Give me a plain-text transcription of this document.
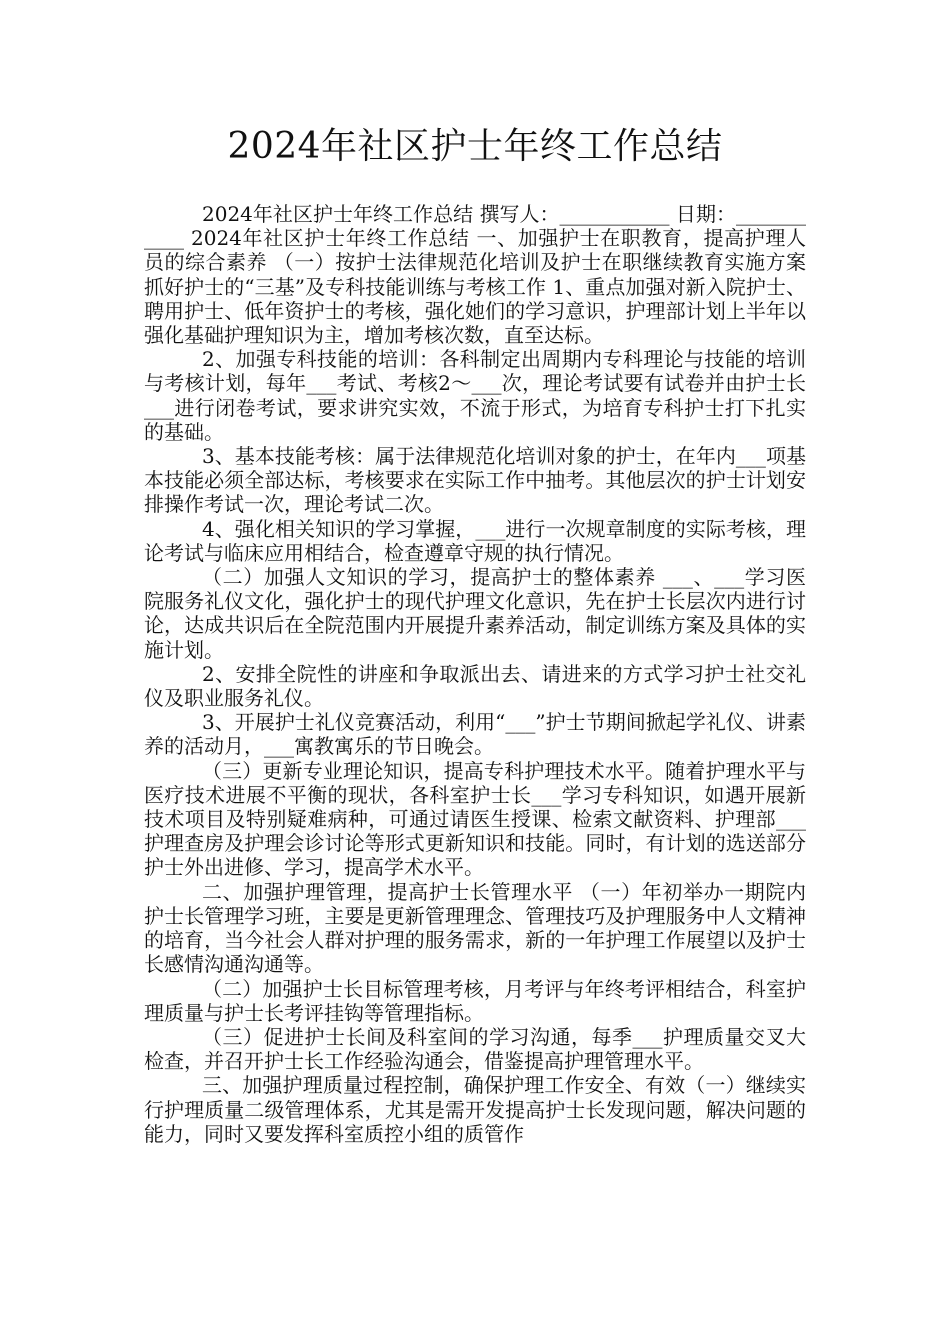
2024年社区护士年终工作总结

2024年社区护士年终工作总结 撰写人：___________ 日期：___________ 2024年社区护士年终工作总结 一、加强护士在职教育，提高护理人员的综合素养 （一）按护士法律规范化培训及护士在职继续教育实施方案抓好护士的“三基”及专科技能训练与考核工作 1、重点加强对新入院护士、聘用护士、低年资护士的考核，强化她们的学习意识，护理部计划上半年以强化基础护理知识为主，增加考核次数，直至达标。

2、加强专科技能的培训：各科制定出周期内专科理论与技能的培训与考核计划，每年___考试、考核2～___次，理论考试要有试卷并由护士长___进行闭卷考试，要求讲究实效，不流于形式，为培育专科护士打下扎实的基础。

3、基本技能考核：属于法律规范化培训对象的护士，在年内___项基本技能必须全部达标，考核要求在实际工作中抽考。其他层次的护士计划安排操作考试一次，理论考试二次。

4、强化相关知识的学习掌握，___进行一次规章制度的实际考核，理论考试与临床应用相结合，检查遵章守规的执行情况。

（二）加强人文知识的学习，提高护士的整体素养 ___、___学习医院服务礼仪文化，强化护士的现代护理文化意识，先在护士长层次内进行讨论，达成共识后在全院范围内开展提升素养活动，制定训练方案及具体的实施计划。

2、安排全院性的讲座和争取派出去、请进来的方式学习护士社交礼仪及职业服务礼仪。

3、开展护士礼仪竞赛活动，利用“___”护士节期间掀起学礼仪、讲素养的活动月，___寓教寓乐的节日晚会。

（三）更新专业理论知识，提高专科护理技术水平。随着护理水平与医疗技术进展不平衡的现状，各科室护士长___学习专科知识，如遇开展新技术项目及特别疑难病种，可通过请医生授课、检索文献资料、护理部___护理查房及护理会诊讨论等形式更新知识和技能。同时，有计划的选送部分护士外出进修、学习，提高学术水平。

二、加强护理管理，提高护士长管理水平 （一）年初举办一期院内护士长管理学习班，主要是更新管理理念、管理技巧及护理服务中人文精神的培育，当今社会人群对护理的服务需求，新的一年护理工作展望以及护士长感情沟通沟通等。

（二）加强护士长目标管理考核，月考评与年终考评相结合，科室护理质量与护士长考评挂钩等管理指标。

（三）促进护士长间及科室间的学习沟通，每季___护理质量交叉大检查，并召开护士长工作经验沟通会，借鉴提高护理管理水平。

三、加强护理质量过程控制，确保护理工作安全、有效（一）继续实行护理质量二级管理体系，尤其是需开发提高护士长发现问题，解决问题的能力，同时又要发挥科室质控小组的质管作
